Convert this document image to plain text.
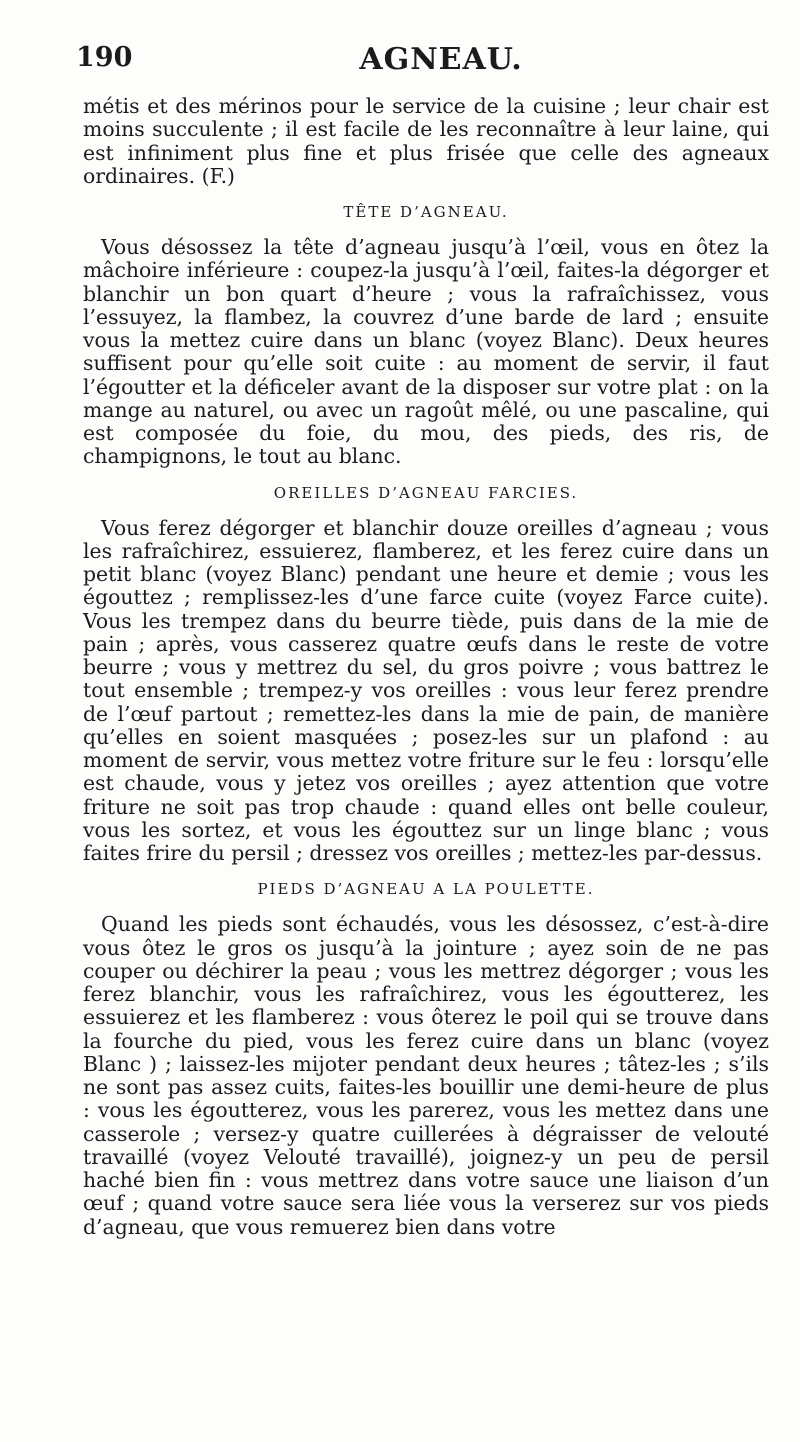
190	AGNEAU.

métis et des mérinos pour le service de la cuisine ; leur chair est moins succulente ; il est facile de les reconnaître à leur laine, qui est infiniment plus fine et plus frisée que celle des agneaux ordinaires. (F.)

TÊTE D’AGNEAU.

Vous désossez la tête d’agneau jusqu’à l’œil, vous en ôtez la mâchoire inférieure : coupez-la jusqu’à l’œil, faites-la dégorger et blanchir un bon quart d’heure ; vous la rafraîchissez, vous l’essuyez, la flambez, la couvrez d’une barde de lard ; ensuite vous la mettez cuire dans un blanc (voyez Blanc). Deux heures suffisent pour qu’elle soit cuite : au moment de servir, il faut l’égoutter et la déficeler avant de la disposer sur votre plat : on la mange au naturel, ou avec un ragoût mêlé, ou une pascaline, qui est composée du foie, du mou, des pieds, des ris, de champignons, le tout au blanc.

OREILLES D’AGNEAU FARCIES.

Vous ferez dégorger et blanchir douze oreilles d’agneau ; vous les rafraîchirez, essuierez, flamberez, et les ferez cuire dans un petit blanc (voyez Blanc) pendant une heure et demie ; vous les égouttez ; remplissez-les d’une farce cuite (voyez Farce cuite). Vous les trempez dans du beurre tiède, puis dans de la mie de pain ; après, vous casserez quatre œufs dans le reste de votre beurre ; vous y mettrez du sel, du gros poivre ; vous battrez le tout ensemble ; trempez-y vos oreilles : vous leur ferez prendre de l’œuf partout ; remettez-les dans la mie de pain, de manière qu’elles en soient masquées ; posez-les sur un plafond : au moment de servir, vous mettez votre friture sur le feu : lorsqu’elle est chaude, vous y jetez vos oreilles ; ayez attention que votre friture ne soit pas trop chaude : quand elles ont belle couleur, vous les sortez, et vous les égouttez sur un linge blanc ; vous faites frire du persil ; dressez vos oreilles ; mettez-les par-dessus.

PIEDS D’AGNEAU A LA POULETTE.

Quand les pieds sont échaudés, vous les désossez, c’est-à-dire vous ôtez le gros os jusqu’à la jointure ; ayez soin de ne pas couper ou déchirer la peau ; vous les mettrez dégorger ; vous les ferez blanchir, vous les rafraîchirez, vous les égoutterez, les essuierez et les flamberez : vous ôterez le poil qui se trouve dans la fourche du pied, vous les ferez cuire dans un blanc (voyez Blanc ) ; laissez-les mijoter pendant deux heures ; tâtez-les ; s’ils ne sont pas assez cuits, faites-les bouillir une demi-heure de plus : vous les égoutterez, vous les parerez, vous les mettez dans une casserole ; versez-y quatre cuillerées à dégraisser de velouté travaillé (voyez Velouté travaillé), joignez-y un peu de persil haché bien fin : vous mettrez dans votre sauce une liaison d’un œuf ; quand votre sauce sera liée vous la verserez sur vos pieds d’agneau, que vous remuerez bien dans votre
